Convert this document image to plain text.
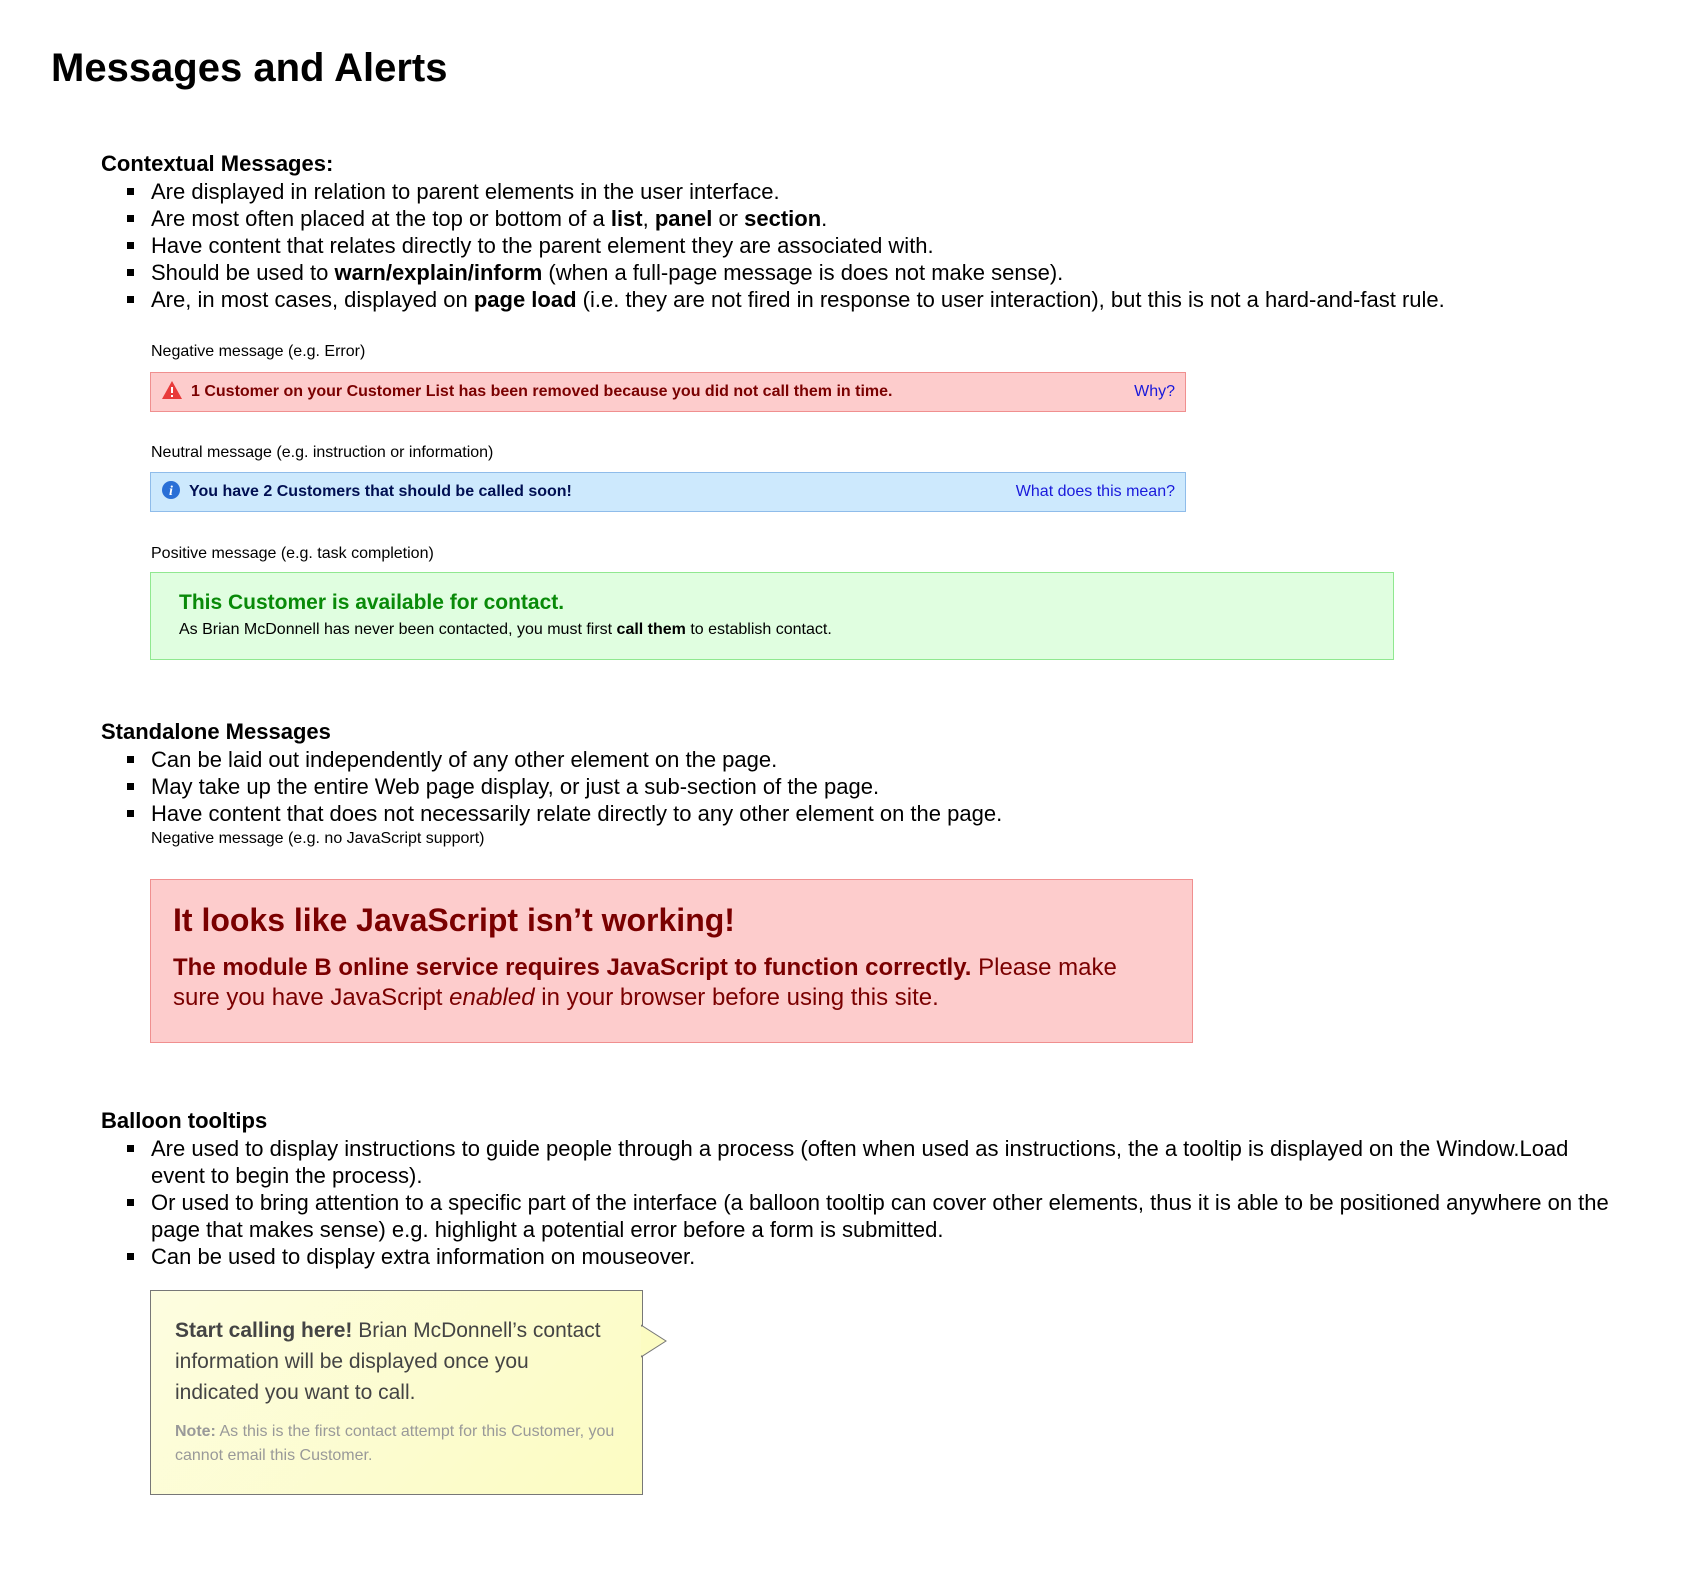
Messages and Alerts
Contextual Messages:
Are displayed in relation to parent elements in the user interface.
Are most often placed at the top or bottom of a list, panel or section.
Have content that relates directly to the parent element they are associated with.
Should be used to warn/explain/inform (when a full-page message is does not make sense).
Are, in most cases, displayed on page load (i.e. they are not fired in response to user interaction), but this is not a hard-and-fast rule.
Negative message (e.g. Error)
1 Customer on your Customer List has been removed because you did not call them in time.	Why?
Neutral message (e.g. instruction or information)
i You have 2 Customers that should be called soon!	What does this mean?
Positive message (e.g. task completion)
This Customer is available for contact.
As Brian McDonnell has never been contacted, you must first call them to establish contact.
Standalone Messages
Can be laid out independently of any other element on the page.
May take up the entire Web page display, or just a sub-section of the page.
Have content that does not necessarily relate directly to any other element on the page.
Negative message (e.g. no JavaScript support)
It looks like JavaScript isn’t working!
The module B online service requires JavaScript to function correctly. Please make sure you have JavaScript enabled in your browser before using this site.
Balloon tooltips
Are used to display instructions to guide people through a process (often when used as instructions, the a tooltip is displayed on the Window.Load event to begin the process).
Or used to bring attention to a specific part of the interface (a balloon tooltip can cover other elements, thus it is able to be positioned anywhere on the page that makes sense) e.g. highlight a potential error before a form is submitted.
Can be used to display extra information on mouseover.
Start calling here! Brian McDonnell’s contact information will be displayed once you indicated you want to call.
Note: As this is the first contact attempt for this Customer, you cannot email this Customer.
